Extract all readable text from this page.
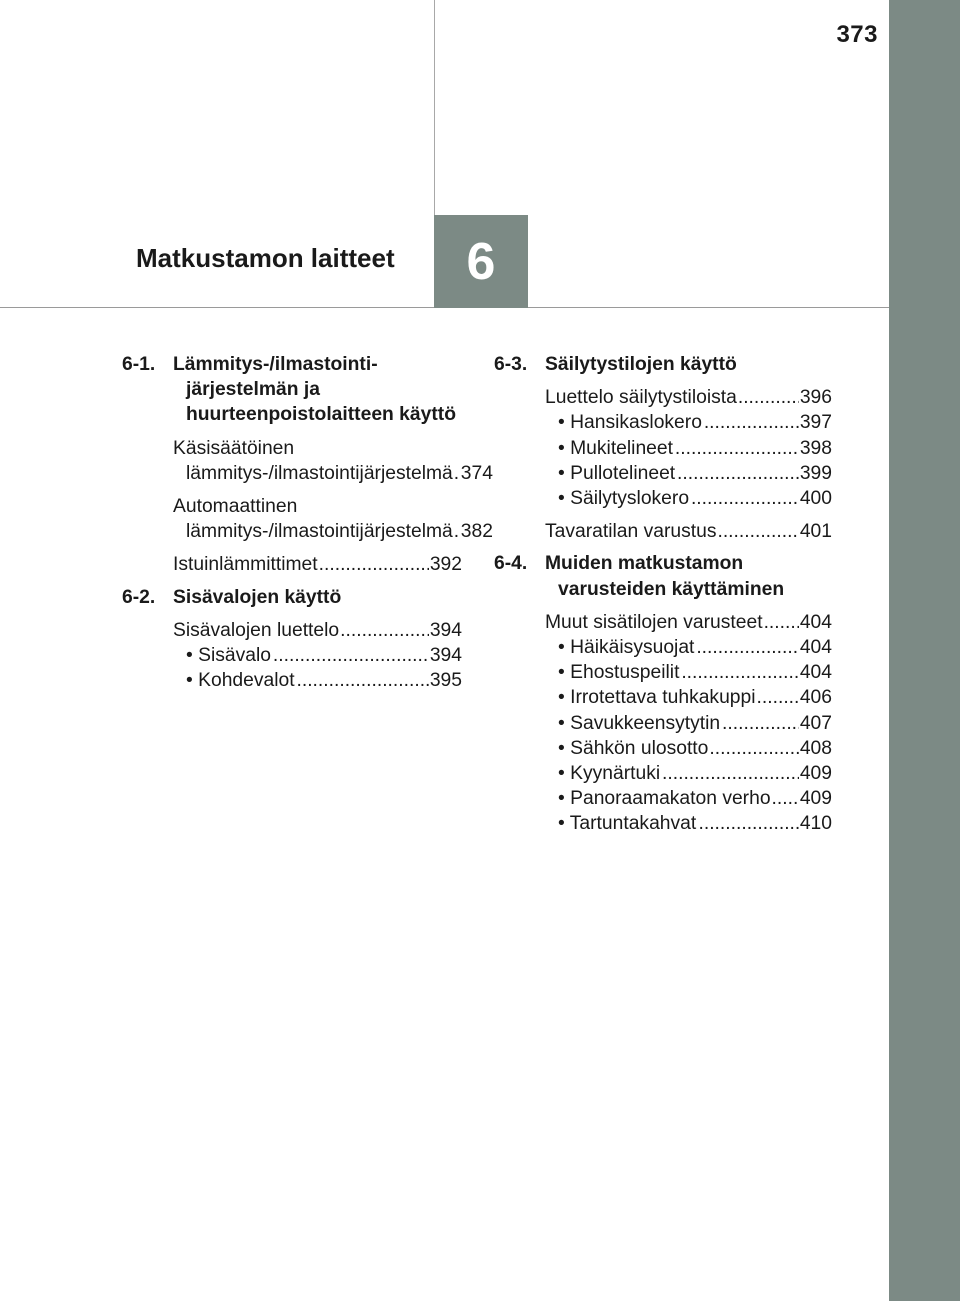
373
Matkustamon laitteet	6
6-1. Lämmitys-/ilmastointi-järjestelmän ja huurteenpoistolaitteen käyttö
Käsisäätöinen lämmitys-/ilmastointijärjestelmä ..... 374
Automaattinen lämmitys-/ilmastointijärjestelmä ..... 382
Istuinlämmittimet .....	392
6-2. Sisävalojen käyttö
Sisävalojen luettelo .....	394
• Sisävalo .....	394
• Kohdevalot .....	395
6-3. Säilytystilojen käyttö
Luettelo säilytystiloista .....	396
• Hansikaslokero .....	397
• Mukitelineet .....	398
• Pullotelineet .....	399
• Säilytyslokero .....	400
Tavaratilan varustus .....	401
6-4. Muiden matkustamon varusteiden käyttäminen
Muut sisätilojen varusteet ..... 404
• Häikäisysuojat .....	404
• Ehostuspeilit .....	404
• Irrotettava tuhkakuppi ..... 406
• Savukkeensytytin .....	407
• Sähkön ulosotto .....	408
• Kyynärtuki .....	409
• Panoraamakaton verho ..... 409
• Tartuntakahvat .....	410
